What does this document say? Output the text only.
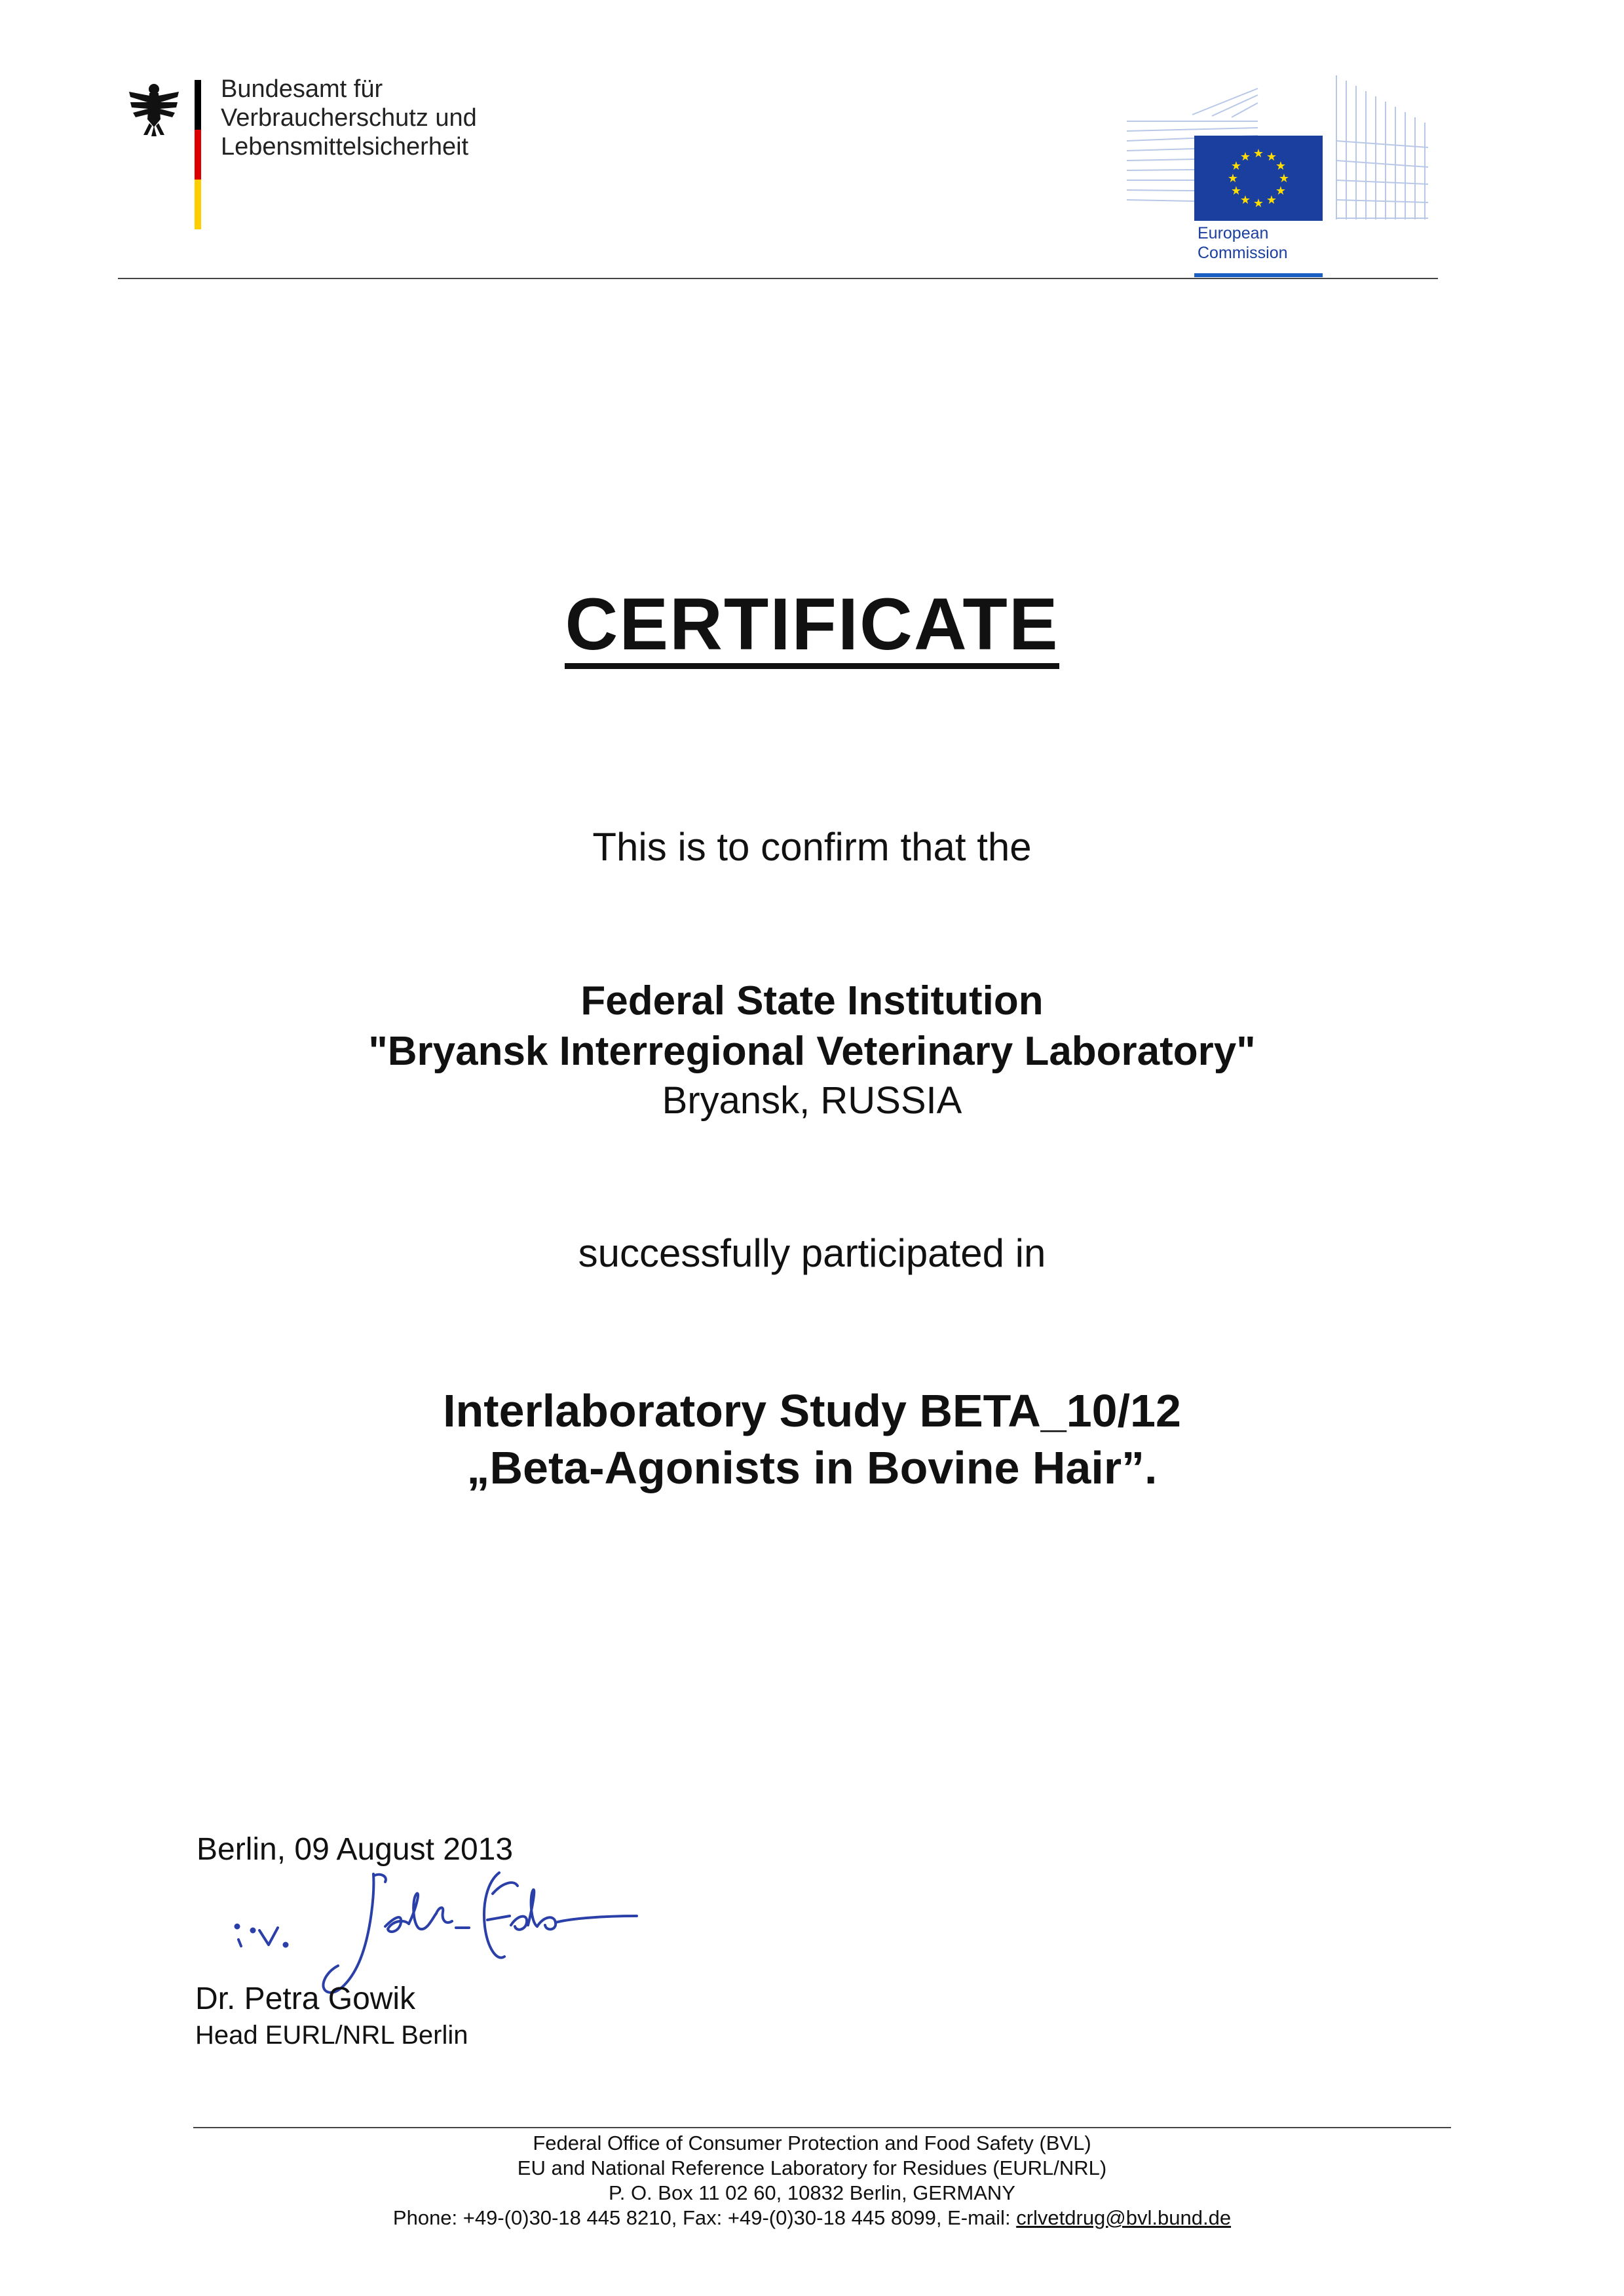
Bundesamt für
Verbraucherschutz und
Lebensmittelsicherheit	★ ★
★
★
★
★
★
★
★
★
★
★
European
Commission
CERTIFICATE
This is to confirm that the
Federal State Institution
"Bryansk Interregional Veterinary Laboratory"
Bryansk, RUSSIA
successfully participated in
Interlaboratory Study BETA_10/12
„Beta-Agonists in Bovine Hair”.
Berlin, 09 August 2013
Dr. Petra Gowik
Head EURL/NRL Berlin
Federal Office of Consumer Protection and Food Safety (BVL)
EU and National Reference Laboratory for Residues (EURL/NRL)
P. O. Box 11 02 60, 10832 Berlin, GERMANY
Phone: +49-(0)30-18 445 8210, Fax: +49-(0)30-18 445 8099, E-mail: crlvetdrug@bvl.bund.de
